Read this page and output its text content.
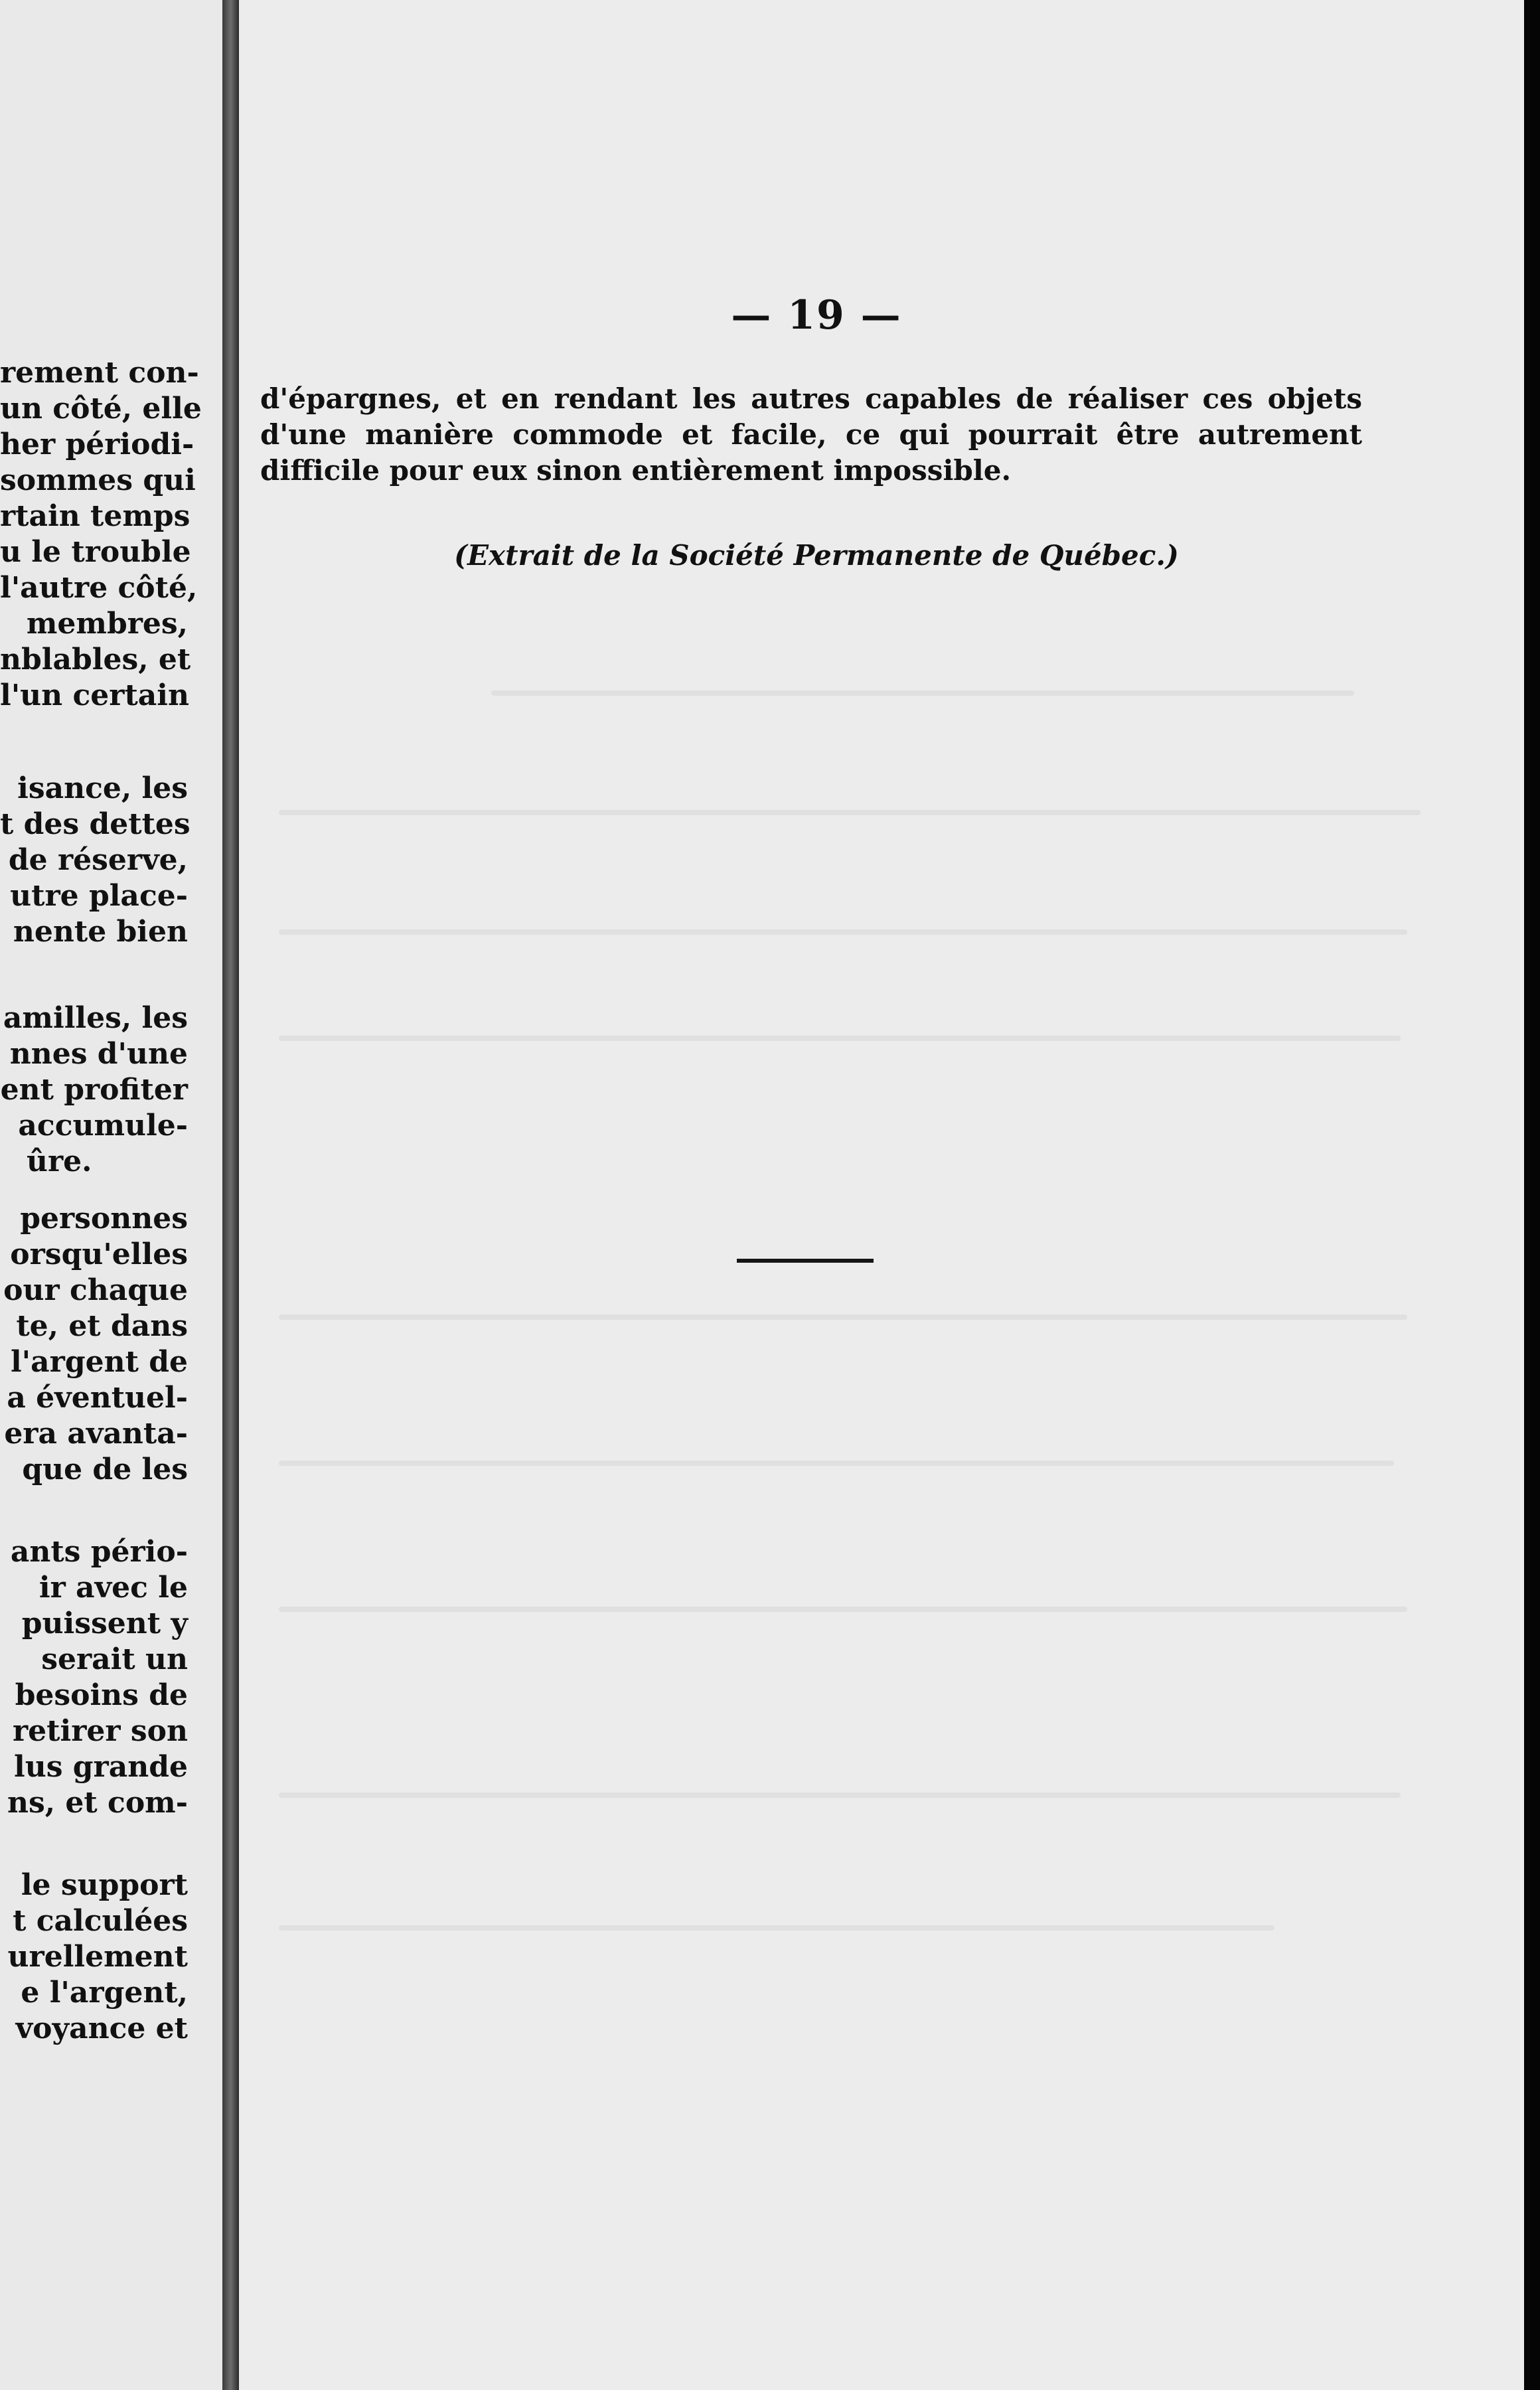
rement con-
un côté, elle
her périodi-
sommes qui
rtain temps
u le trouble
l'autre côté,
membres,
nblables, et
l'un certain
isance, les
t des dettes
de réserve,
utre place-
nente bien
amilles, les
nnes d'une
ent profiter
accumule-
ûre.
personnes
orsqu'elles
our chaque
te, et dans
l'argent de
a éventuel-
era avanta-
que de les
ants pério-
ir avec le
puissent y
serait un
besoins de
retirer son
lus grande
ns, et com-
le support
t calculées
urellement
e l'argent,
voyance et
— 19 —
d'épargnes, et en rendant les autres capables de réaliser ces objets
d'une manière commode et facile, ce qui pourrait être autrement
difficile pour eux sinon entièrement impossible.
(Extrait de la Société Permanente de Québec.)
